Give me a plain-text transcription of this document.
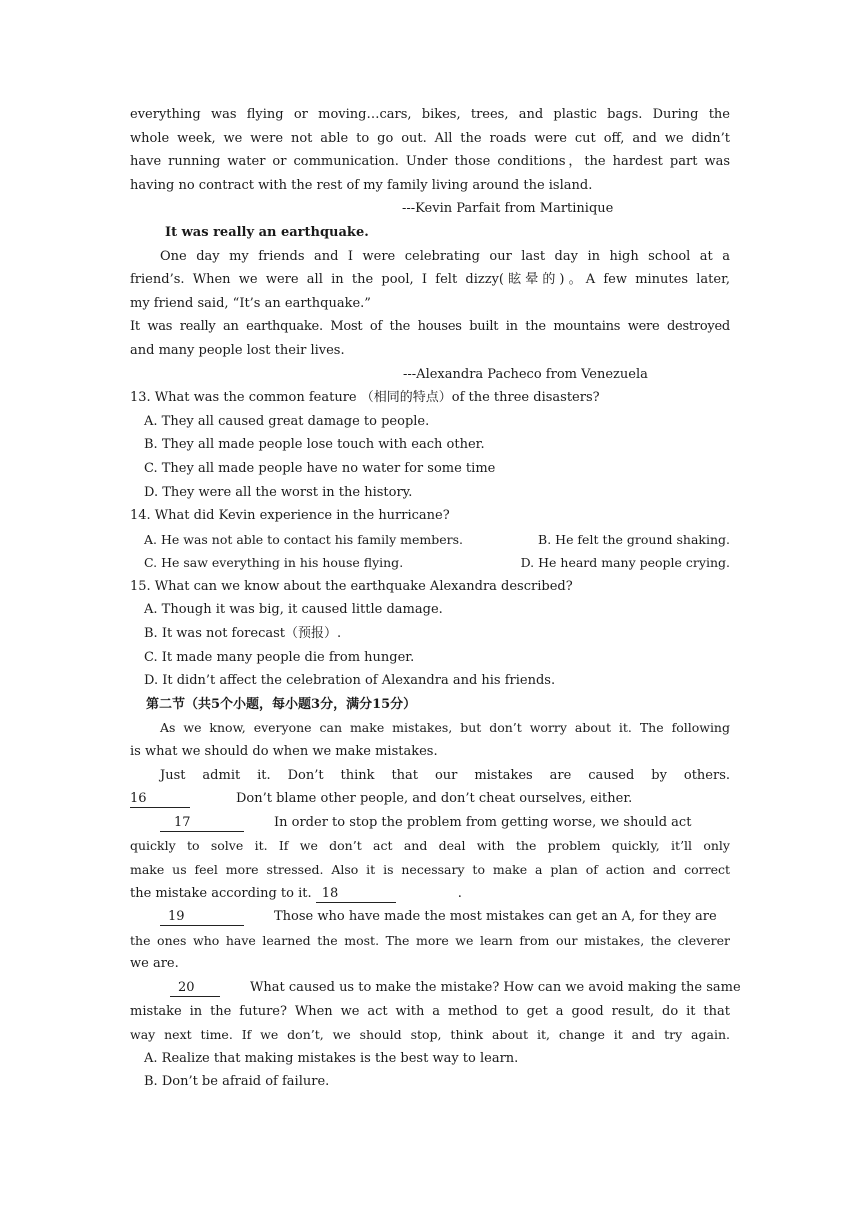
everything was flying or moving…cars, bikes, trees, and plastic bags. During the
whole week, we were not able to go out. All the roads were cut off, and we didn’t
have running water or communication. Under those conditions，the hardest part was
having no contract with the rest of my family living around the island.
---Kevin Parfait from Martinique
It was really an earthquake.
One day my friends and I were celebrating our last day in high school at a
friend’s. When we were all in the pool, I felt dizzy(眩晕的)。A few minutes later,
my friend said, “It’s an earthquake.”
It was really an earthquake. Most of the houses built in the mountains were destroyed
and many people lost their lives.
---Alexandra Pacheco from Venezuela
13. What was the common feature （相同的特点）of the three disasters?
A. They all caused great damage to people.
B. They all made people lose touch with each other.
C. They all made people have no water for some time
D. They were all the worst in the history.
14. What did Kevin experience in the hurricane?
A. He was not able to contact his family members.	B. He felt the ground shaking.
C. He saw everything in his house flying.	D. He heard many people crying.
15. What can we know about the earthquake Alexandra described?
A. Though it was big, it caused little damage.
B. It was not forecast（预报）.
C. It made many people die from hunger.
D. It didn’t affect the celebration of Alexandra and his friends.
第二节（共5个小题，每小题3分，满分15分）
As we know, everyone can make mistakes, but don’t worry about it. The following
is what we should do when we make mistakes.
Just admit it. Don’t think that our mistakes are caused by others.
16	Don’t blame other people, and don’t cheat ourselves, either.
17	In order to stop the problem from getting worse, we should act
quickly to solve it. If we don’t act and deal with the problem quickly, it’ll only
make us feel more stressed. Also it is necessary to make a plan of action and correct
the mistake according to it. 18	.
19	Those who have made the most mistakes can get an A, for they are
the ones who have learned the most. The more we learn from our mistakes, the cleverer
we are.
20	What caused us to make the mistake? How can we avoid making the same
mistake in the future? When we act with a method to get a good result, do it that
way next time. If we don’t, we should stop, think about it, change it and try again.
A. Realize that making mistakes is the best way to learn.
B. Don’t be afraid of failure.
